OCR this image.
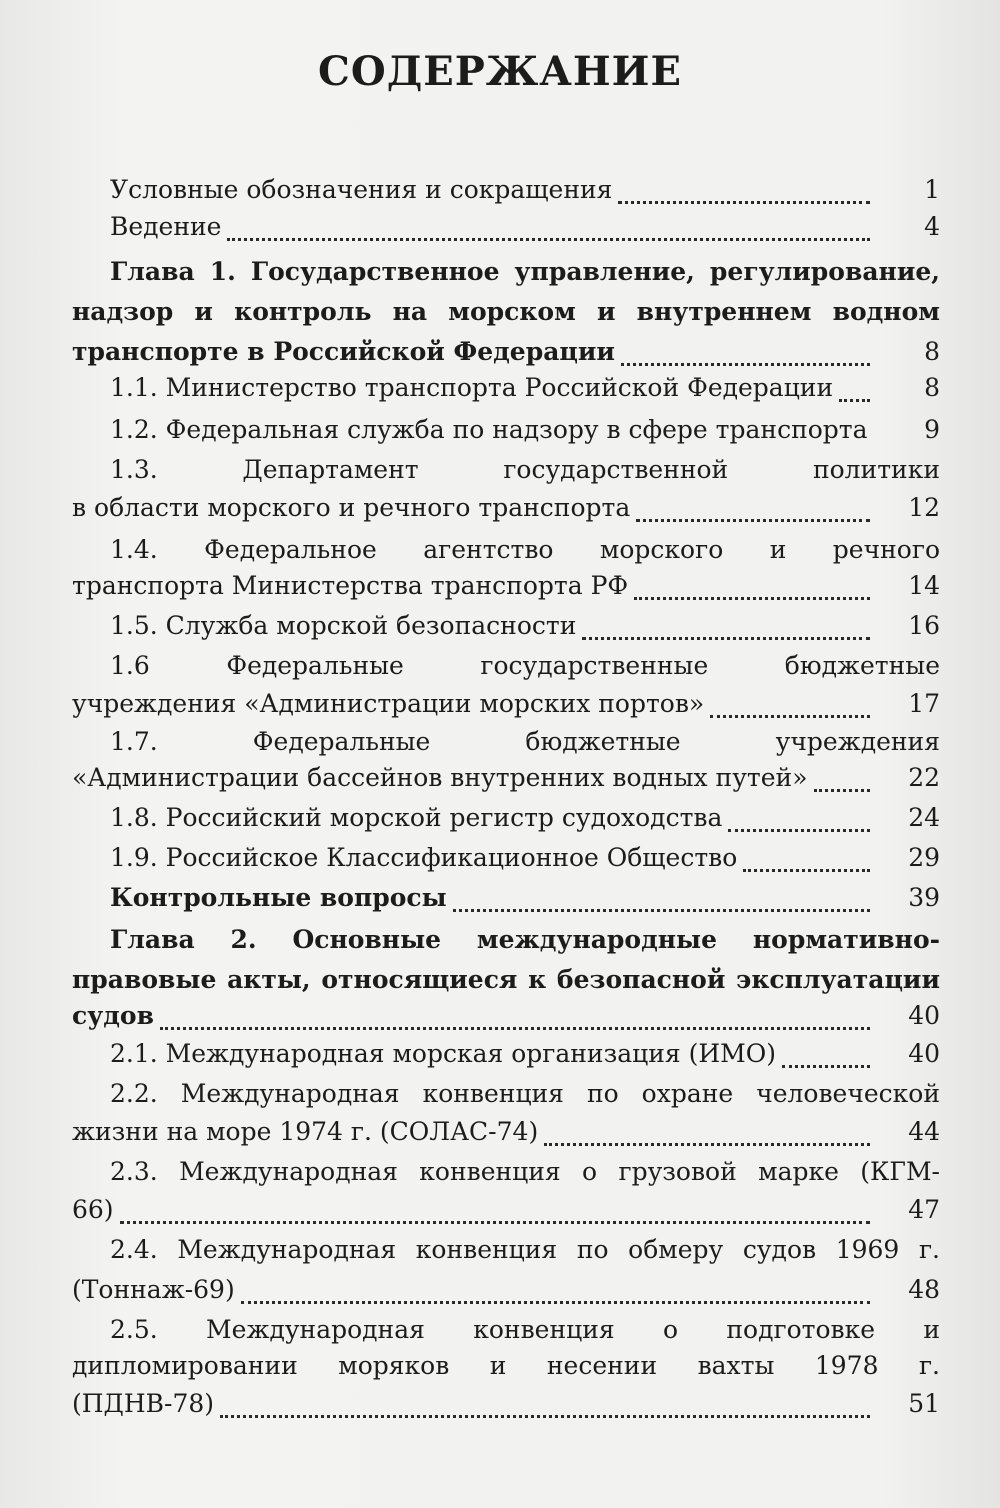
СОДЕРЖАНИЕ
Условные обозначения и сокращения	1
Ведение	4
Глава 1. Государственное управление, регулирование,
надзор и контроль на морском и внутреннем водном
транспорте в Российской Федерации	8
1.1. Министерство транспорта Российской Федерации	8
1.2. Федеральная служба по надзору в сфере транспорта 9
1.3. Департамент государственной политики
в области морского и речного транспорта	12
1.4. Федеральное агентство морского и речного
транспорта Министерства транспорта РФ	14
1.5. Служба морской безопасности	16
1.6 Федеральные государственные бюджетные
учреждения «Администрации морских портов»	17
1.7. Федеральные бюджетные учреждения
«Администрации бассейнов внутренних водных путей»	22
1.8. Российский морской регистр судоходства	24
1.9. Российское Классификационное Общество	29
Контрольные вопросы	39
Глава 2. Основные международные нормативно-
правовые акты, относящиеся к безопасной эксплуатации
судов	40
2.1. Международная морская организация (ИМО)	40
2.2. Международная конвенция по охране человеческой
жизни на море 1974 г. (СОЛАС-74)	44
2.3. Международная конвенция о грузовой марке (КГМ-
66)	47
2.4. Международная конвенция по обмеру судов 1969 г.
(Тоннаж-69)	48
2.5. Международная конвенция о подготовке и
дипломировании моряков и несении вахты 1978 г.
(ПДНВ-78)	51
